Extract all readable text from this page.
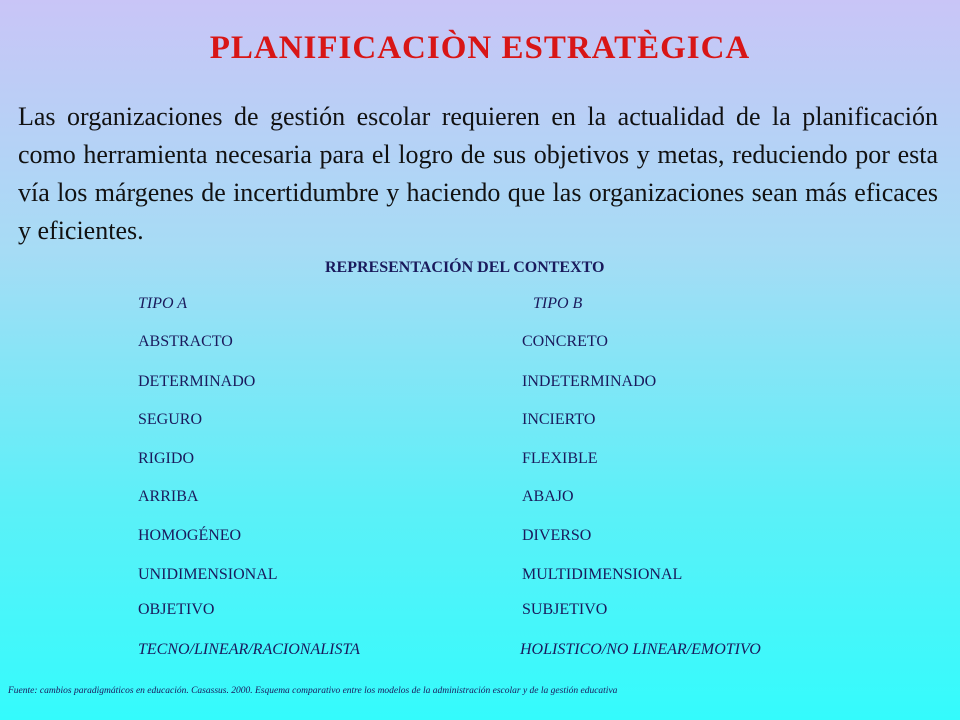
PLANIFICACIÒN ESTRATÈGICA
Las organizaciones de gestión escolar requieren en la actualidad de la planificación como herramienta necesaria para el logro de sus objetivos y metas, reduciendo por esta vía los márgenes de incertidumbre y haciendo que las organizaciones sean más eficaces y eficientes.
REPRESENTACIÓN DEL CONTEXTO
TIPO A	TIPO B
ABSTRACTO	CONCRETO
DETERMINADO	INDETERMINADO
SEGURO	INCIERTO
RIGIDO	FLEXIBLE
ARRIBA	ABAJO
HOMOGÉNEO	DIVERSO
UNIDIMENSIONAL	MULTIDIMENSIONAL
OBJETIVO	SUBJETIVO
TECNO/LINEAR/RACIONALISTA	HOLISTICO/NO LINEAR/EMOTIVO
Fuente: cambios paradigmáticos en educación. Casassus. 2000. Esquema comparativo entre los modelos de la administración escolar y de la gestión educativa
